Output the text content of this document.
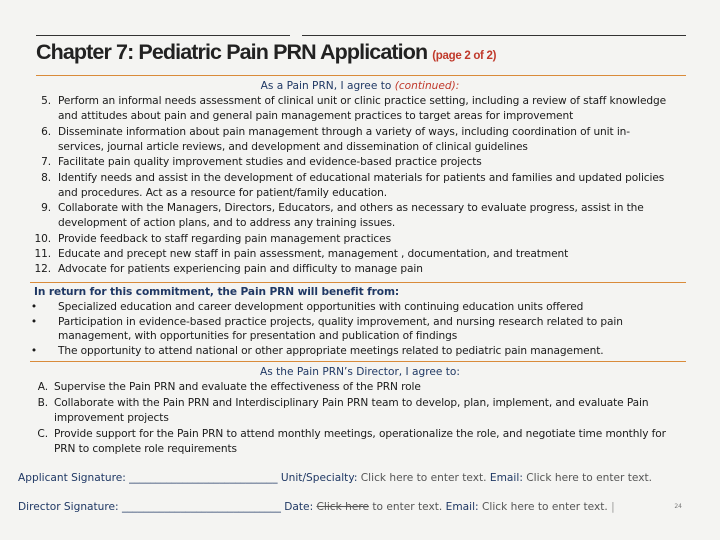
Chapter 7: Pediatric Pain PRN Application (page 2 of 2)
As a Pain PRN, I agree to (continued):
5. Perform an informal needs assessment of clinical unit or clinic practice setting, including a review of staff knowledge
and attitudes about pain and general pain management practices to target areas for improvement
6. Disseminate information about pain management through a variety of ways, including coordination of unit in-
services, journal article reviews, and development and dissemination of clinical guidelines
7. Facilitate pain quality improvement studies and evidence-based practice projects
8. Identify needs and assist in the development of educational materials for patients and families and updated policies
and procedures. Act as a resource for patient/family education.
9. Collaborate with the Managers, Directors, Educators, and others as necessary to evaluate progress, assist in the
development of action plans, and to address any training issues.
10. Provide feedback to staff regarding pain management practices
11. Educate and precept new staff in pain assessment, management , documentation, and treatment
12. Advocate for patients experiencing pain and difficulty to manage pain
In return for this commitment, the Pain PRN will benefit from:
•	Specialized education and career development opportunities with continuing education units offered
•	Participation in evidence-based practice projects, quality improvement, and nursing research related to pain
management, with opportunities for presentation and publication of findings
•	The opportunity to attend national or other appropriate meetings related to pediatric pain management.
As the Pain PRN’s Director, I agree to:
A. Supervise the Pain PRN and evaluate the effectiveness of the PRN role
B. Collaborate with the Pain PRN and Interdisciplinary Pain PRN team to develop, plan, implement, and evaluate Pain
improvement projects
C. Provide support for the Pain PRN to attend monthly meetings, operationalize the role, and negotiate time monthly for
PRN to complete role requirements
Applicant Signature: ____________________________ Unit/Specialty: Click here to enter text. Email: Click here to enter text.
Director Signature: ______________________________ Date: Click here to enter text. Email: Click here to enter text. |	24
